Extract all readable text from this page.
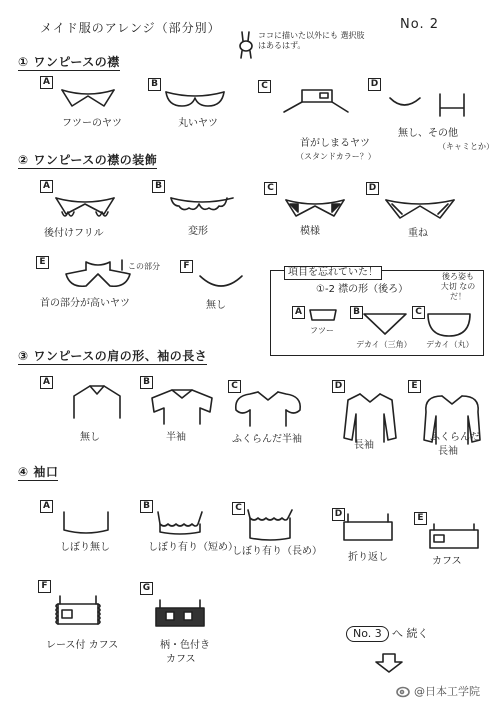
メイド服のアレンジ（部分別）	No. 2
ココに描いた以外にも 選択肢はあるはず。
① ワンピースの襟
A
フツーのヤツ
B
丸いヤツ
C
首がしまるヤツ
（スタンドカラー？）
D
無し、その他
（キャミとか）
② ワンピースの襟の装飾
A
後付けフリル
B
変形
C
模様
D
重ね
E	この部分
首の部分が高いヤツ
F
無し
項目を忘れていた！
①-2 襟の形（後ろ）
後ろ姿も 大切 なのだ！
A
フツー
B
デカイ（三角）
C
デカイ（丸）
③ ワンピースの肩の形、袖の長さ
A
無し
B
半袖
C
ふくらんだ半袖
D
長袖
E
ふくらんだ
長袖
④ 袖口
A
しぼり無し
B
しぼり有り（短め）
C
しぼり有り（長め）
D
折り返し
E
カフス
F
レース付 カフス
G
柄・色付き
カフス
No. 3 へ 続く
@日本工学院
